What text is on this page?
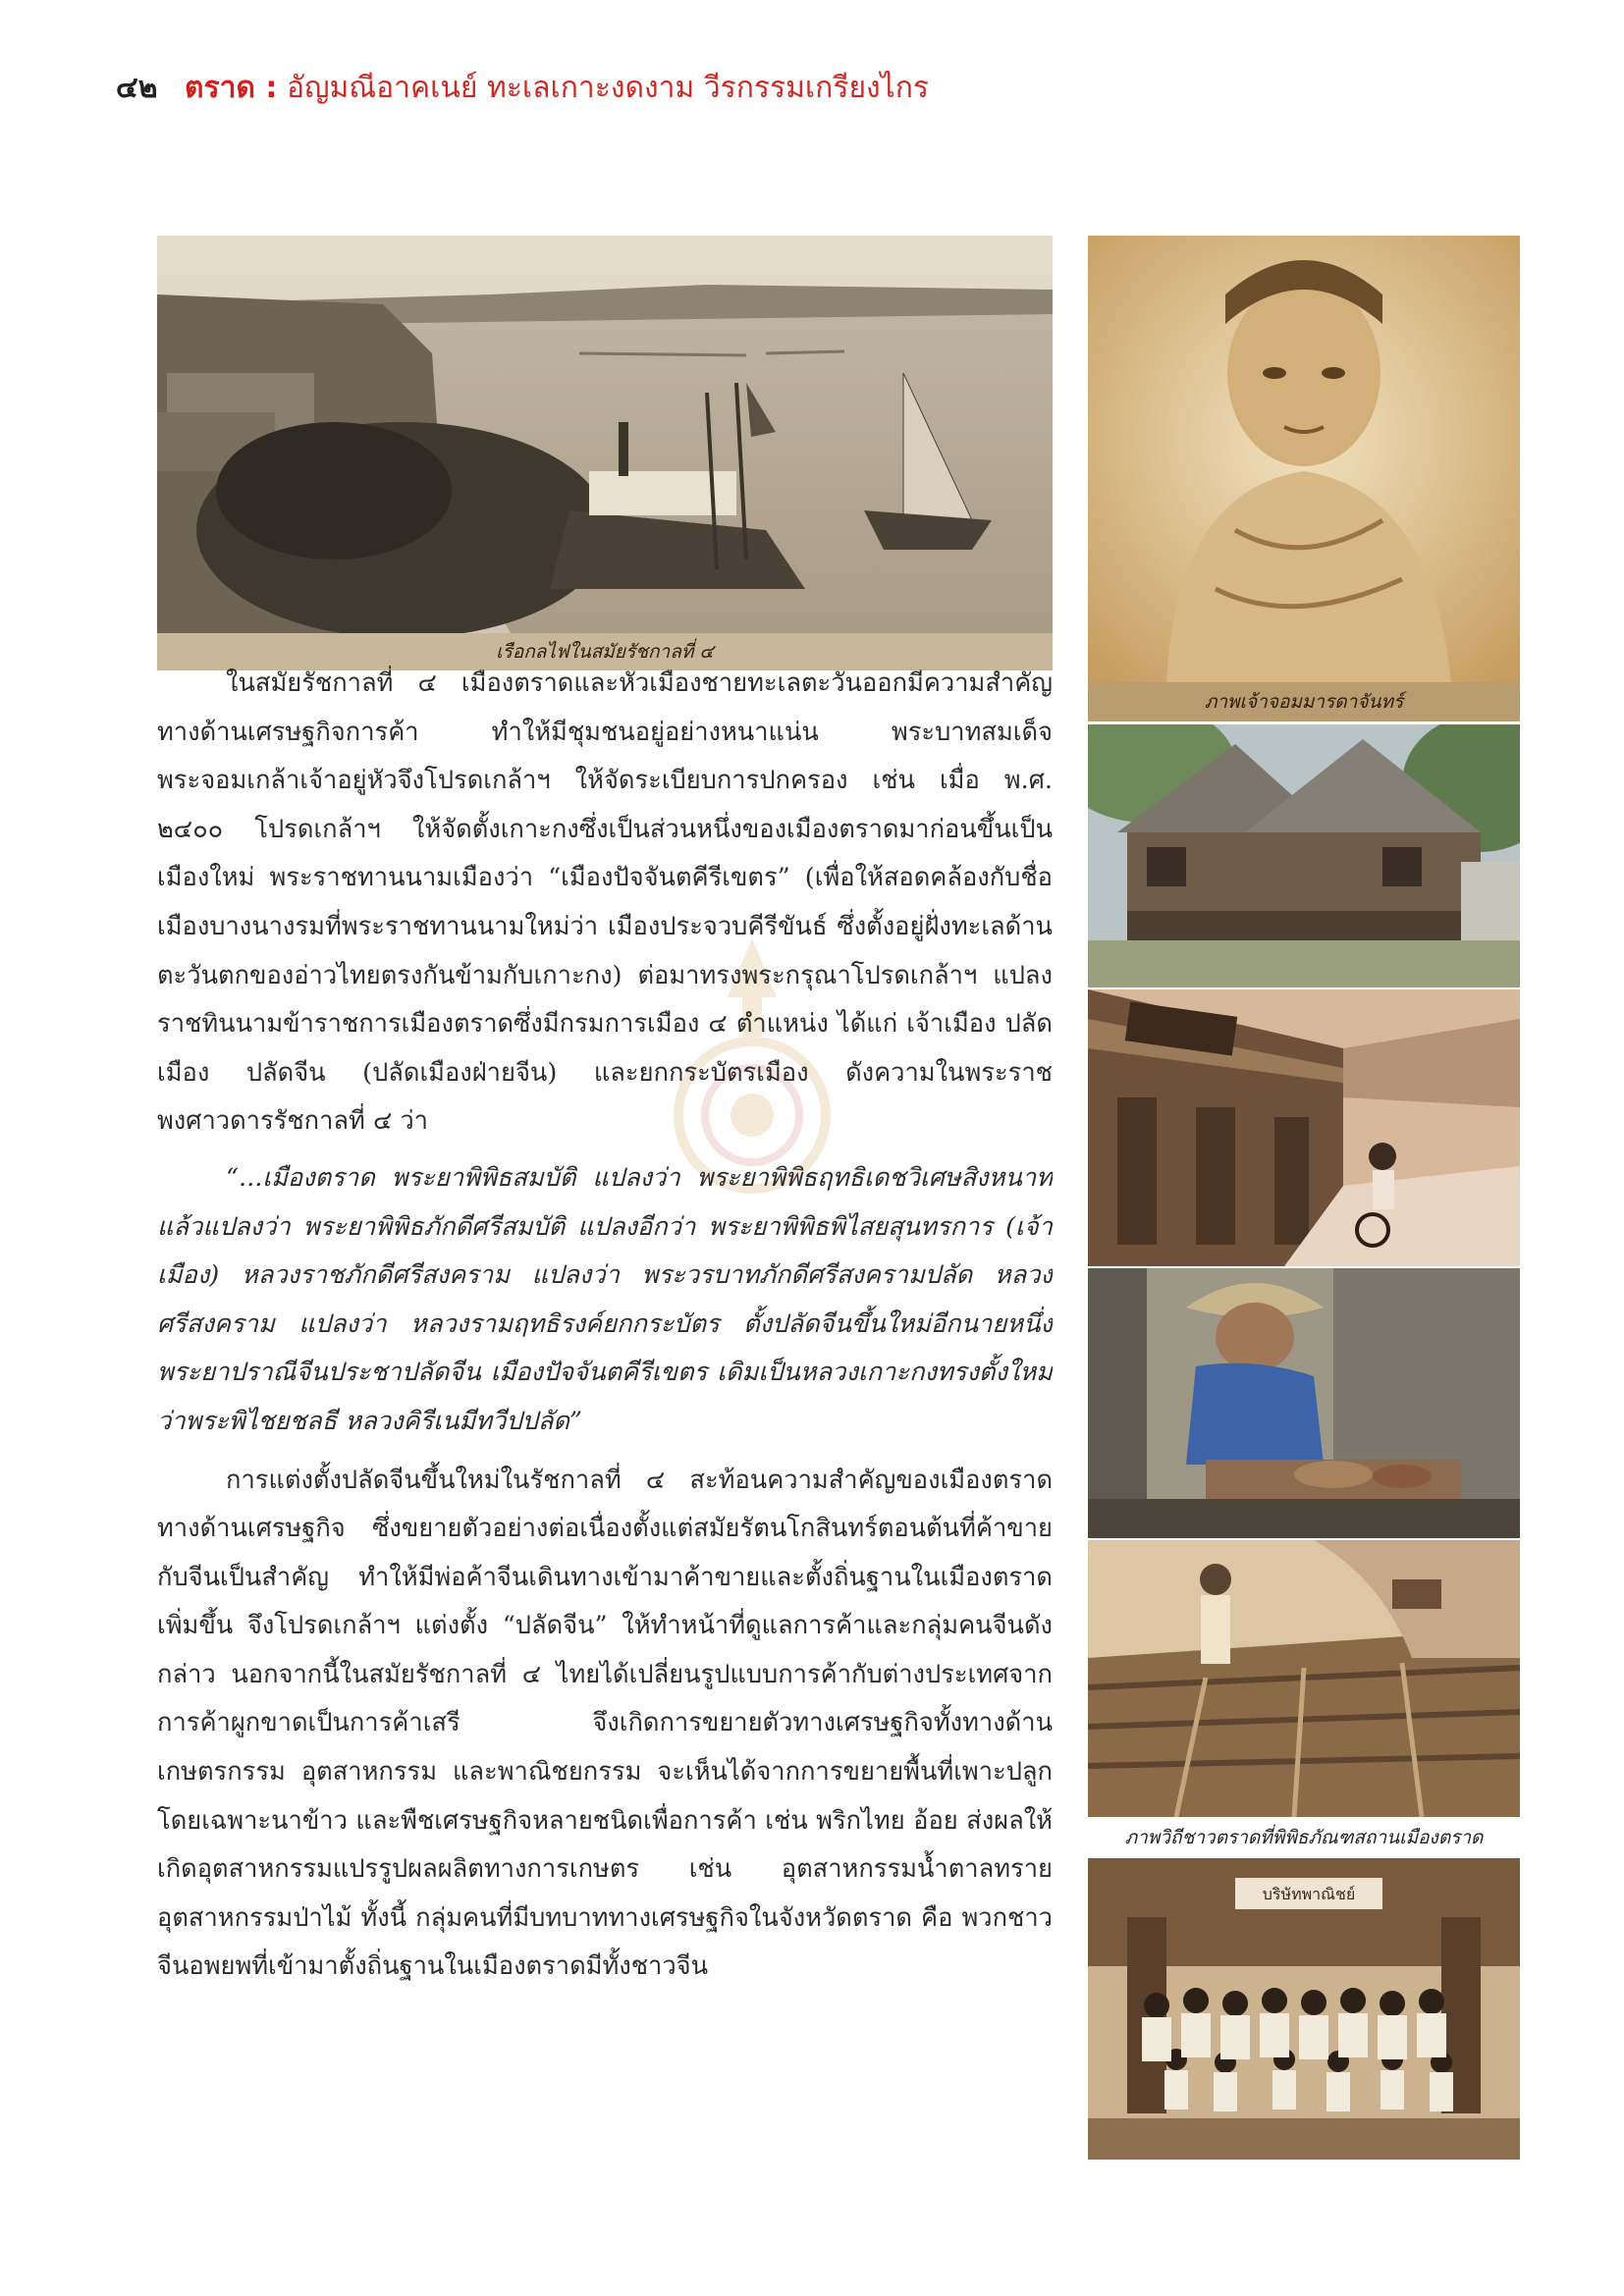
๔๒ ตราด : อัญมณีอาคเนย์ ทะเลเกาะงดงาม วีรกรรมเกรียงไกร
เรือกลไฟในสมัยรัชกาลที่ ๔
ภาพเจ้าจอมมารดาจันทร์
ภาพวิถีชาวตราดที่พิพิธภัณฑสถานเมืองตราด
บริษัทพาณิชย์

ในสมัยรัชกาลที่ ๔ เมืองตราดและหัวเมืองชายทะเลตะวันออกมีความสำคัญทางด้านเศรษฐกิจการค้า ทำให้มีชุมชนอยู่อย่างหนาแน่น พระบาทสมเด็จพระจอมเกล้าเจ้าอยู่หัวจึงโปรดเกล้าฯ ให้จัดระเบียบการปกครอง เช่น เมื่อ พ.ศ. ๒๔๐๐ โปรดเกล้าฯ ให้จัดตั้งเกาะกงซึ่งเป็นส่วนหนึ่งของเมืองตราดมาก่อนขึ้นเป็นเมืองใหม่ พระราชทานนามเมืองว่า “เมืองปัจจันตคีรีเขตร” (เพื่อให้สอดคล้องกับชื่อเมืองบางนางรมที่พระราชทานนามใหม่ว่า เมืองประจวบคีรีขันธ์ ซึ่งตั้งอยู่ฝั่งทะเลด้านตะวันตกของอ่าวไทยตรงกันข้ามกับเกาะกง) ต่อมาทรงพระกรุณาโปรดเกล้าฯ แปลงราชทินนามข้าราชการเมืองตราดซึ่งมีกรมการเมือง ๔ ตำแหน่ง ได้แก่ เจ้าเมือง ปลัดเมือง ปลัดจีน (ปลัดเมืองฝ่ายจีน) และยกกระบัตรเมือง ดังความในพระราชพงศาวดารรัชกาลที่ ๔ ว่า

“...เมืองตราด พระยาพิพิธสมบัติ แปลงว่า พระยาพิพิธฤทธิเดชวิเศษสิงหนาท แล้วแปลงว่า พระยาพิพิธภักดีศรีสมบัติ แปลงอีกว่า พระยาพิพิธพิไสยสุนทรการ (เจ้าเมือง) หลวงราชภักดีศรีสงคราม แปลงว่า พระวรบาทภักดีศรีสงครามปลัด หลวงศรีสงคราม แปลงว่า หลวงรามฤทธิรงค์ยกกระบัตร ตั้งปลัดจีนขึ้นใหม่อีกนายหนึ่ง พระยาปราณีจีนประชาปลัดจีน เมืองปัจจันตคีรีเขตร เดิมเป็นหลวงเกาะกงทรงตั้งใหม่ว่าพระพิไชยชลธี หลวงคิรีเนมีทวีปปลัด”

การแต่งตั้งปลัดจีนขึ้นใหม่ในรัชกาลที่ ๔ สะท้อนความสำคัญของเมืองตราดทางด้านเศรษฐกิจ ซึ่งขยายตัวอย่างต่อเนื่องตั้งแต่สมัยรัตนโกสินทร์ตอนต้นที่ค้าขายกับจีนเป็นสำคัญ ทำให้มีพ่อค้าจีนเดินทางเข้ามาค้าขายและตั้งถิ่นฐานในเมืองตราดเพิ่มขึ้น จึงโปรดเกล้าฯ แต่งตั้ง “ปลัดจีน” ให้ทำหน้าที่ดูแลการค้าและกลุ่มคนจีนดังกล่าว นอกจากนี้ในสมัยรัชกาลที่ ๔ ไทยได้เปลี่ยนรูปแบบการค้ากับต่างประเทศจากการค้าผูกขาดเป็นการค้าเสรี จึงเกิดการขยายตัวทางเศรษฐกิจทั้งทางด้านเกษตรกรรม อุตสาหกรรม และพาณิชยกรรม จะเห็นได้จากการขยายพื้นที่เพาะปลูกโดยเฉพาะนาข้าว และพืชเศรษฐกิจหลายชนิดเพื่อการค้า เช่น พริกไทย อ้อย ส่งผลให้เกิดอุตสาหกรรมแปรรูปผลผลิตทางการเกษตร เช่น อุตสาหกรรมน้ำตาลทราย อุตสาหกรรมป่าไม้ ทั้งนี้ กลุ่มคนที่มีบทบาททางเศรษฐกิจในจังหวัดตราด คือ พวกชาวจีนอพยพที่เข้ามาตั้งถิ่นฐานในเมืองตราดมีทั้งชาวจีน
